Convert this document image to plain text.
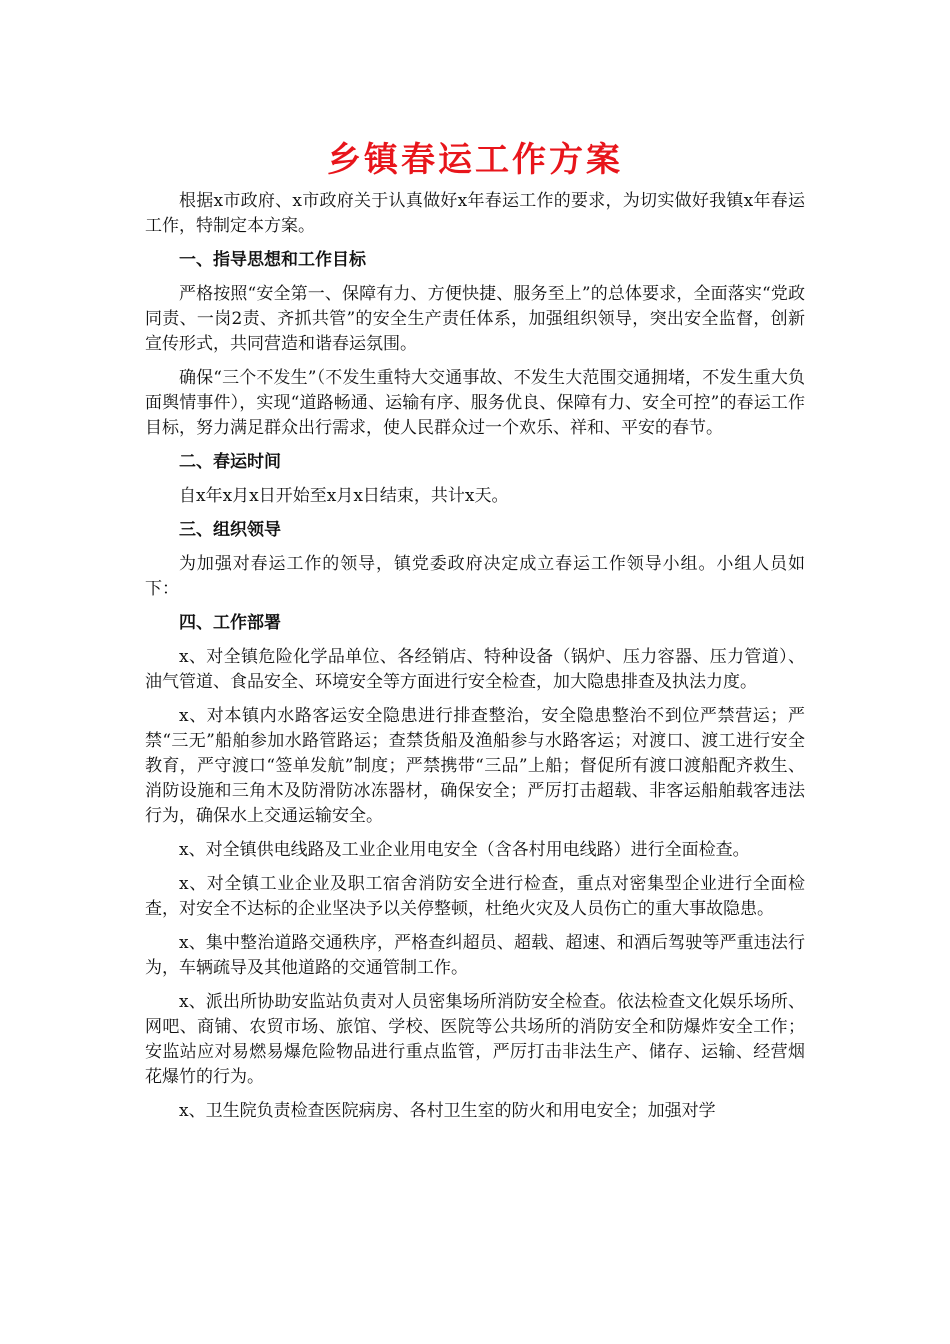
乡镇春运工作方案

根据x市政府、x市政府关于认真做好x年春运工作的要求，为切实做好我镇x年春运工作，特制定本方案。

一、指导思想和工作目标

严格按照“安全第一、保障有力、方便快捷、服务至上”的总体要求，全面落实“党政同责、一岗2责、齐抓共管”的安全生产责任体系，加强组织领导，突出安全监督，创新宣传形式，共同营造和谐春运氛围。

确保“三个不发生”（不发生重特大交通事故、不发生大范围交通拥堵，不发生重大负面舆情事件），实现“道路畅通、运输有序、服务优良、保障有力、安全可控”的春运工作目标，努力满足群众出行需求，使人民群众过一个欢乐、祥和、平安的春节。

二、春运时间

自x年x月x日开始至x月x日结束，共计x天。

三、组织领导

为加强对春运工作的领导，镇党委政府决定成立春运工作领导小组。小组人员如下：

四、工作部署

x、对全镇危险化学品单位、各经销店、特种设备（锅炉、压力容器、压力管道）、油气管道、食品安全、环境安全等方面进行安全检查，加大隐患排查及执法力度。

x、对本镇内水路客运安全隐患进行排查整治，安全隐患整治不到位严禁营运；严禁“三无”船舶参加水路管路运；查禁货船及渔船参与水路客运；对渡口、渡工进行安全教育，严守渡口“签单发航”制度；严禁携带“三品”上船；督促所有渡口渡船配齐救生、消防设施和三角木及防滑防冰冻器材，确保安全；严厉打击超载、非客运船舶载客违法行为，确保水上交通运输安全。

x、对全镇供电线路及工业企业用电安全（含各村用电线路）进行全面检查。

x、对全镇工业企业及职工宿舍消防安全进行检查，重点对密集型企业进行全面检查，对安全不达标的企业坚决予以关停整顿，杜绝火灾及人员伤亡的重大事故隐患。

x、集中整治道路交通秩序，严格查纠超员、超载、超速、和酒后驾驶等严重违法行为，车辆疏导及其他道路的交通管制工作。

x、派出所协助安监站负责对人员密集场所消防安全检查。依法检查文化娱乐场所、网吧、商铺、农贸市场、旅馆、学校、医院等公共场所的消防安全和防爆炸安全工作；安监站应对易燃易爆危险物品进行重点监管，严厉打击非法生产、储存、运输、经营烟花爆竹的行为。

x、卫生院负责检查医院病房、各村卫生室的防火和用电安全；加强对学
